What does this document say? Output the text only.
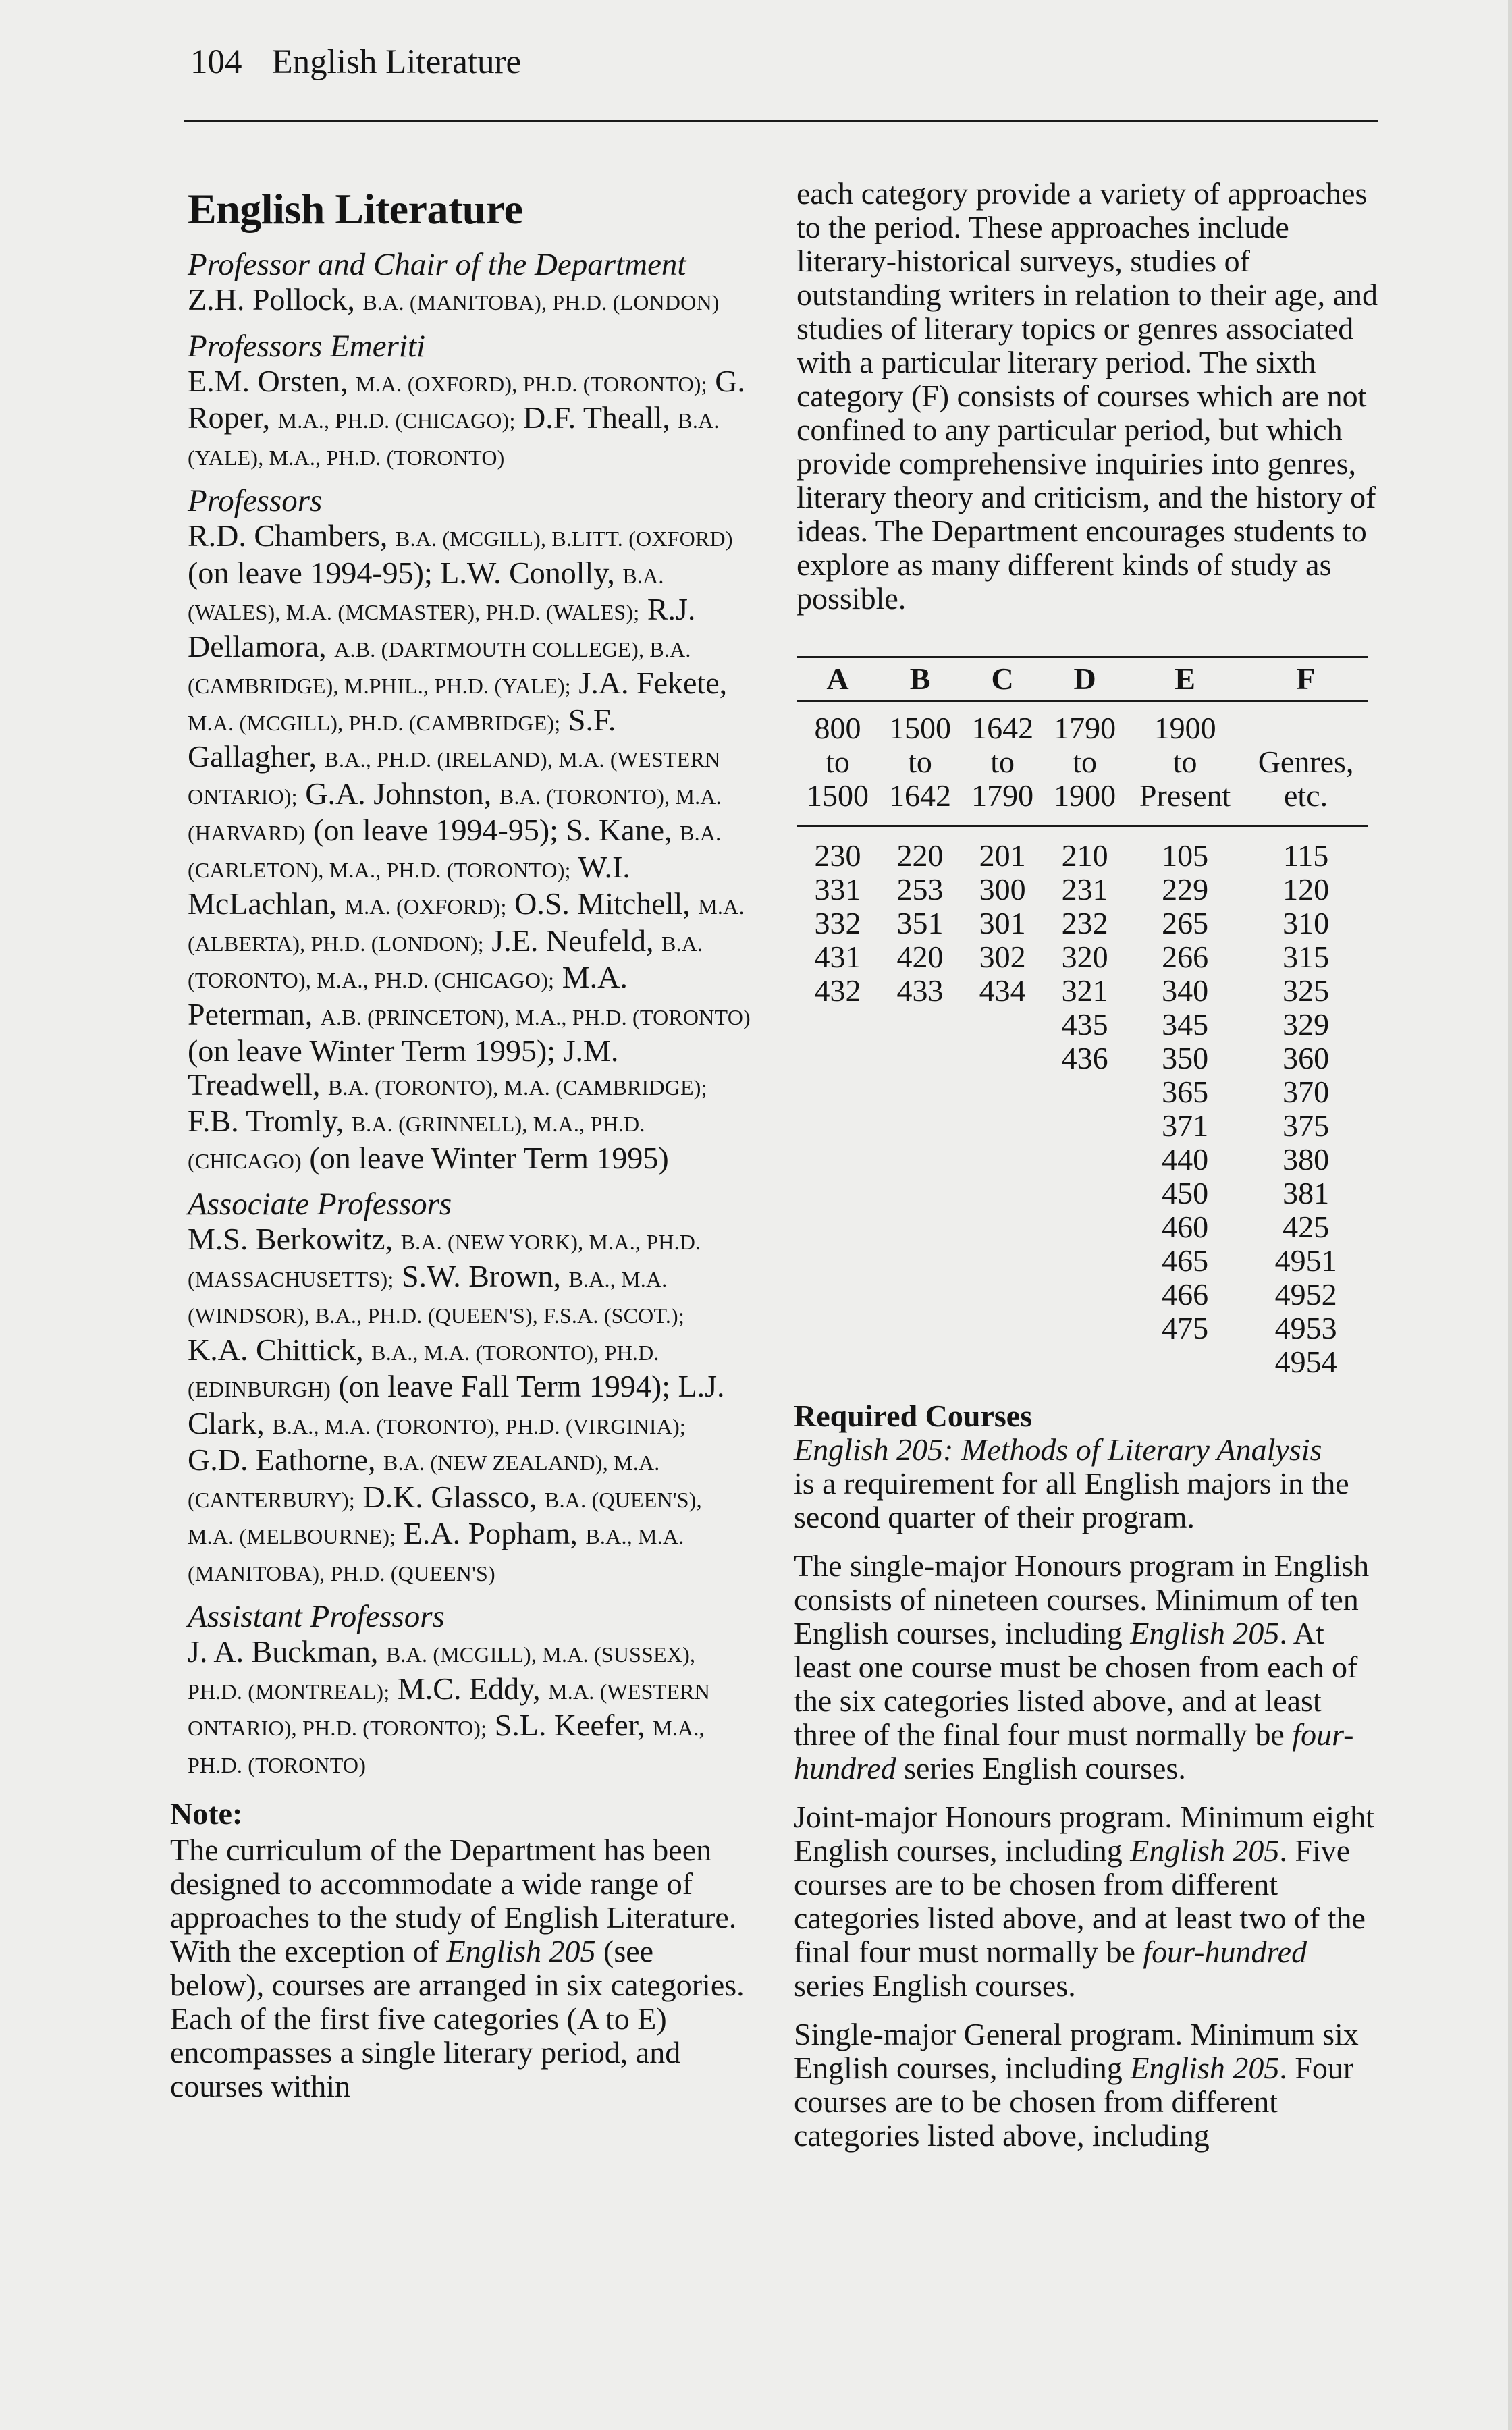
104 English Literature
English Literature
Professor and Chair of the Department
Z.H. Pollock, B.A. (MANITOBA), PH.D. (LONDON)
Professors Emeriti
E.M. Orsten, M.A. (OXFORD), PH.D. (TORONTO); G. Roper, M.A., PH.D. (CHICAGO); D.F. Theall, B.A. (YALE), M.A., PH.D. (TORONTO)
Professors
R.D. Chambers, B.A. (MCGILL), B.LITT. (OXFORD) (on leave 1994-95); L.W. Conolly, B.A. (WALES), M.A. (MCMASTER), PH.D. (WALES); R.J. Dellamora, A.B. (DARTMOUTH COLLEGE), B.A. (CAMBRIDGE), M.PHIL., PH.D. (YALE); J.A. Fekete, M.A. (MCGILL), PH.D. (CAMBRIDGE); S.F. Gallagher, B.A., PH.D. (IRELAND), M.A. (WESTERN ONTARIO); G.A. Johnston, B.A. (TORONTO), M.A. (HARVARD) (on leave 1994-95); S. Kane, B.A. (CARLETON), M.A., PH.D. (TORONTO); W.I. McLachlan, M.A. (OXFORD); O.S. Mitchell, M.A. (ALBERTA), PH.D. (LONDON); J.E. Neufeld, B.A. (TORONTO), M.A., PH.D. (CHICAGO); M.A. Peterman, A.B. (PRINCETON), M.A., PH.D. (TORONTO) (on leave Winter Term 1995); J.M. Treadwell, B.A. (TORONTO), M.A. (CAMBRIDGE); F.B. Tromly, B.A. (GRINNELL), M.A., PH.D. (CHICAGO) (on leave Winter Term 1995)
Associate Professors
M.S. Berkowitz, B.A. (NEW YORK), M.A., PH.D. (MASSACHUSETTS); S.W. Brown, B.A., M.A. (WINDSOR), B.A., PH.D. (QUEEN'S), F.S.A. (SCOT.); K.A. Chittick, B.A., M.A. (TORONTO), PH.D. (EDINBURGH) (on leave Fall Term 1994); L.J. Clark, B.A., M.A. (TORONTO), PH.D. (VIRGINIA); G.D. Eathorne, B.A. (NEW ZEALAND), M.A. (CANTERBURY); D.K. Glassco, B.A. (QUEEN'S), M.A. (MELBOURNE); E.A. Popham, B.A., M.A. (MANITOBA), PH.D. (QUEEN'S)
Assistant Professors
J. A. Buckman, B.A. (MCGILL), M.A. (SUSSEX), PH.D. (MONTREAL); M.C. Eddy, M.A. (WESTERN ONTARIO), PH.D. (TORONTO); S.L. Keefer, M.A., PH.D. (TORONTO)
Note:

The curriculum of the Department has been designed to accommodate a wide range of approaches to the study of English Literature. With the exception of English 205 (see below), courses are arranged in six categories. Each of the first five categories (A to E) encompasses a single literary period, and courses within

each category provide a variety of approaches to the period. These approaches include literary-historical surveys, studies of outstanding writers in relation to their age, and studies of literary topics or genres associated with a particular literary period. The sixth category (F) consists of courses which are not confined to any particular period, but which provide comprehensive inquiries into genres, literary theory and criticism, and the history of ideas. The Department encourages students to explore as many different kinds of study as possible.

A	B	C	D	E	F
800	1500	1642	1790	1900	
to	to	to	to	to	Genres,
1500	1642	1790	1900	Present	etc.
230	220	201	210	105	115
331	253	300	231	229	120
332	351	301	232	265	310
431	420	302	320	266	315
432	433	434	321	340	325
			435	345	329
			436	350	360
				365	370
				371	375
				440	380
				450	381
				460	425
				465	4951
				466	4952
				475	4953
					4954
Required Courses
English 205: Methods of Literary Analysis

is a requirement for all English majors in the second quarter of their program.

The single-major Honours program in English consists of nineteen courses. Minimum of ten English courses, including English 205. At least one course must be chosen from each of the six categories listed above, and at least three of the final four must normally be four-hundred series English courses.

Joint-major Honours program. Minimum eight English courses, including English 205. Five courses are to be chosen from different categories listed above, and at least two of the final four must normally be four-hundred series English courses.

Single-major General program. Minimum six English courses, including English 205. Four courses are to be chosen from different categories listed above, including
